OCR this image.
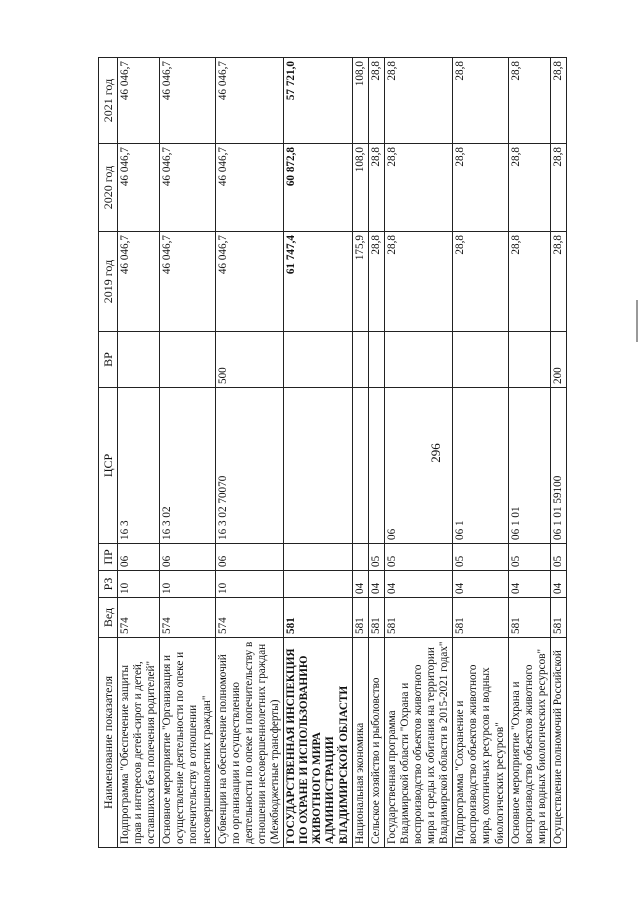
296
Наименование показателя	Вед	РЗ	ПР	ЦСР	ВР	2019 год	2020 год	2021 год
Подпрограмма "Обеспечение защиты прав и интересов детей-сирот и детей, оставшихся без попечения родителей"	574	10	06	16 3		46 046,7	46 046,7	46 046,7
Основное мероприятие "Организация и осуществление деятельности по опеке и попечительству в отношении несовершеннолетних граждан"	574	10	06	16 3 02		46 046,7	46 046,7	46 046,7
Субвенции на обеспечение полномочий по организации и осуществлению деятельности по опеке и попечительству в отношении несовершеннолетних граждан (Межбюджетные трансферты)	574	10	06	16 3 02 70070	500	46 046,7	46 046,7	46 046,7
ГОСУДАРСТВЕННАЯ ИНСПЕКЦИЯ ПО ОХРАНЕ И ИСПОЛЬЗОВАНИЮ ЖИВОТНОГО МИРА АДМИНИСТРАЦИИ ВЛАДИМИРСКОЙ ОБЛАСТИ	581					61 747,4	60 872,8	57 721,0
Национальная экономика	581	04				175,9	108,0	108,0
Сельское хозяйство и рыболовство	581	04	05			28,8	28,8	28,8
Государственная программа Владимирской области "Охрана и воспроизводство объектов животного мира и среды их обитания на территории Владимирской области в 2015-2021 годах"	581	04	05	06		28,8	28,8	28,8
Подпрограмма "Сохранение и воспроизводство объектов животного мира, охотничьих ресурсов и водных биологических ресурсов"	581	04	05	06 1		28,8	28,8	28,8
Основное мероприятие "Охрана и воспроизводство объектов животного мира и водных биологических ресурсов"	581	04	05	06 1 01		28,8	28,8	28,8
Осуществление полномочий Российской	581	04	05	06 1 01 59100	200	28,8	28,8	28,8
